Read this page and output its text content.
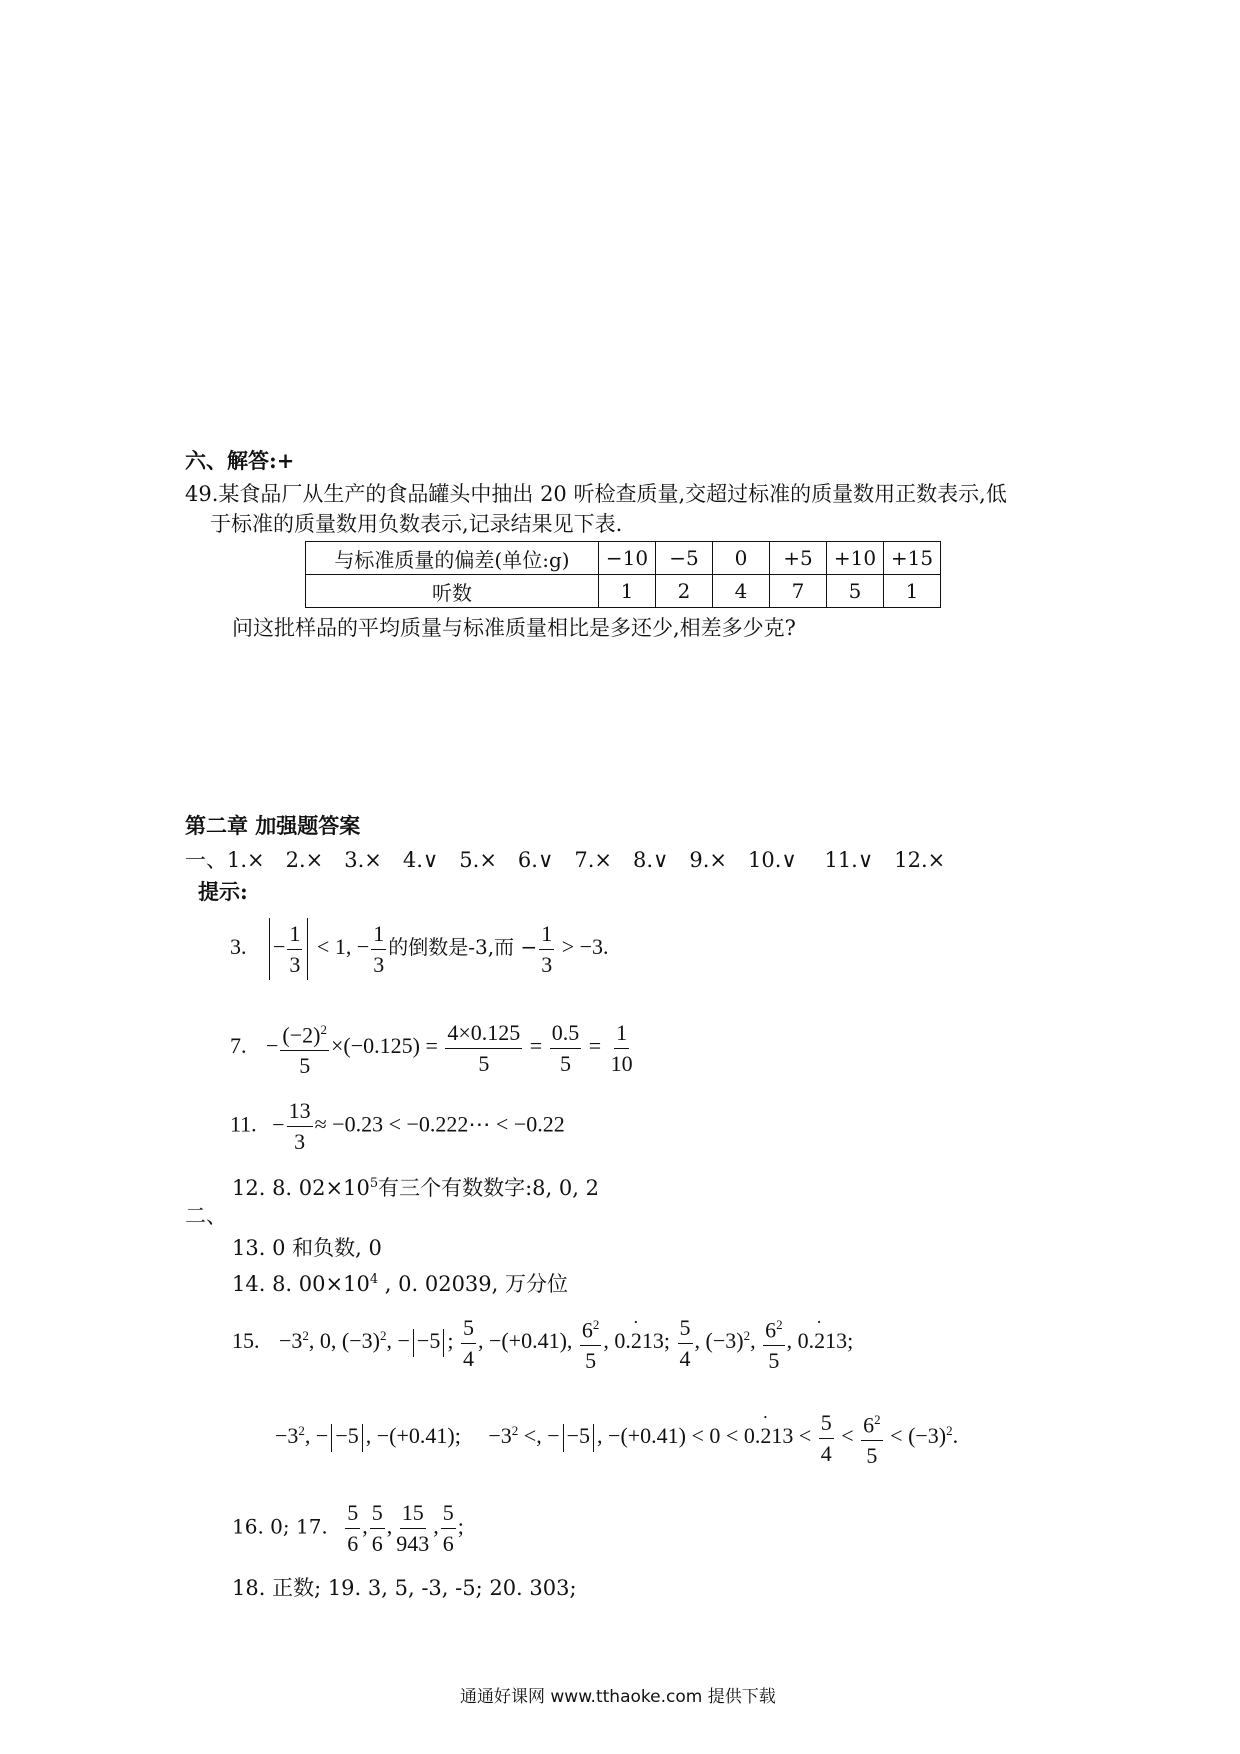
六、解答:+
49.某食品厂从生产的食品罐头中抽出 20 听检查质量,交超过标准的质量数用正数表示,低
于标准的质量数用负数表示,记录结果见下表.
与标准质量的偏差(单位:g)	−10	−5	0	+5	+10	+15
听数	1	2	4	7	5	1
问这批样品的平均质量与标准质量相比是多还少,相差多少克?
第二章 加强题答案
一、1.×　2.×　3.×　4.∨　5.×　6.∨　7.×　8.∨　9.×　10.∨　 11.∨　12.×
提示:
3. − $\frac{1}{3} < 1$, − $\frac{1}{3}$ 的倒数是-3,而 − $\frac{1}{3} > -3$.
7. − $\frac{(-2)^2}{5} \times(-0.125) = \frac{4\times 0.125}{5} = \frac{0.5}{5} = \frac{1}{10}$
11. − $\frac{13}{3} \approx -0.23$ < −0.222⋯ < −0.22
12. 8. $02\times 10^5$有三个有数数字:8, 0, 2
二、
13. 0 和负数, 0
14. 8. $00\times 10^4$ , 0. 02039, 万分位
15. $-3^2$, 0, $(-3)^2$, − −5 ; $\frac{5}{4}$ , −(+0.41), $\frac{6^2}{5}$ , 0.213 ·; $\frac{5}{4}$ , $(-3)^2$, $\frac{6^2}{5}$ , 0.213 ·;
$-3^2$, − −5 , −(+0.41); $-3^2$ <, − −5 , −(+0.41) < 0 < 0.213 · < $\frac{5}{4} < \frac{6^2}{5} < (-3)^2$.
16. 0; 17. $\frac{5}{6}$ , $\frac{5}{6}$ , $\frac{15}{943}$ , $\frac{5}{6}$ ;
18. 正数; 19. 3, 5, -3, -5; 20. 303;
通通好课网 www.tthaoke.com 提供下载
